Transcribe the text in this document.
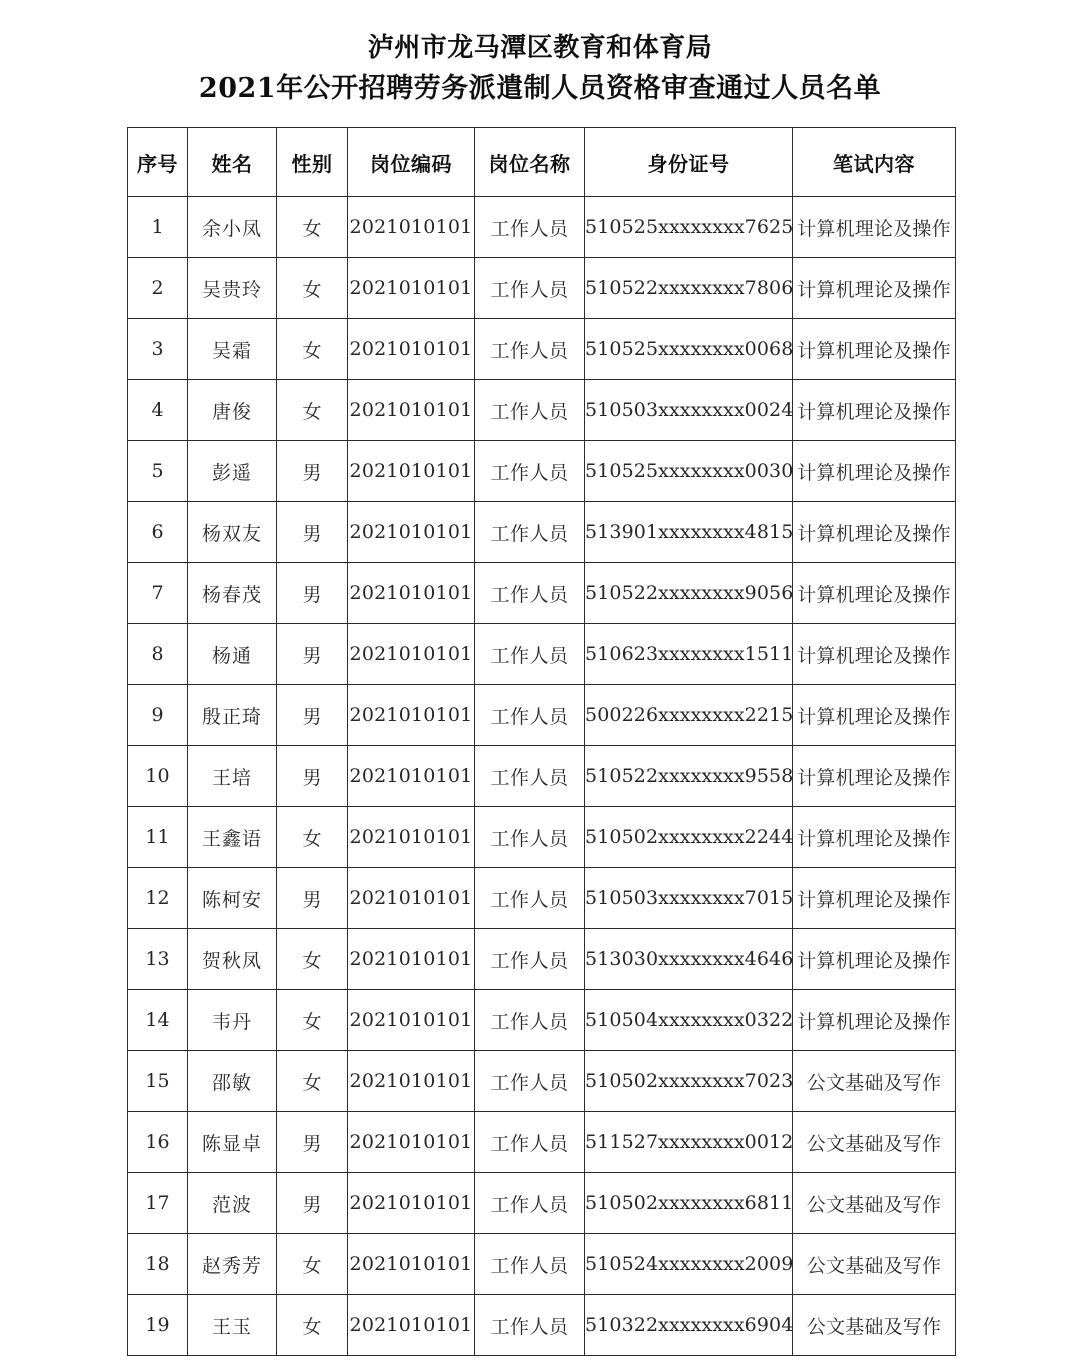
泸州市龙马潭区教育和体育局
2021年公开招聘劳务派遣制人员资格审查通过人员名单
序号	姓名	性别	岗位编码	岗位名称	身份证号	笔试内容
1	余小凤	女	2021010101	工作人员	510525xxxxxxxx7625	计算机理论及操作
2	吴贵玲	女	2021010101	工作人员	510522xxxxxxxx7806	计算机理论及操作
3	吴霜	女	2021010101	工作人员	510525xxxxxxxx0068	计算机理论及操作
4	唐俊	女	2021010101	工作人员	510503xxxxxxxx0024	计算机理论及操作
5	彭遥	男	2021010101	工作人员	510525xxxxxxxx0030	计算机理论及操作
6	杨双友	男	2021010101	工作人员	513901xxxxxxxx4815	计算机理论及操作
7	杨春茂	男	2021010101	工作人员	510522xxxxxxxx9056	计算机理论及操作
8	杨通	男	2021010101	工作人员	510623xxxxxxxx1511	计算机理论及操作
9	殷正琦	男	2021010101	工作人员	500226xxxxxxxx2215	计算机理论及操作
10	王培	男	2021010101	工作人员	510522xxxxxxxx9558	计算机理论及操作
11	王鑫语	女	2021010101	工作人员	510502xxxxxxxx2244	计算机理论及操作
12	陈柯安	男	2021010101	工作人员	510503xxxxxxxx7015	计算机理论及操作
13	贺秋凤	女	2021010101	工作人员	513030xxxxxxxx4646	计算机理论及操作
14	韦丹	女	2021010101	工作人员	510504xxxxxxxx0322	计算机理论及操作
15	邵敏	女	2021010101	工作人员	510502xxxxxxxx7023	公文基础及写作
16	陈显卓	男	2021010101	工作人员	511527xxxxxxxx0012	公文基础及写作
17	范波	男	2021010101	工作人员	510502xxxxxxxx6811	公文基础及写作
18	赵秀芳	女	2021010101	工作人员	510524xxxxxxxx2009	公文基础及写作
19	王玉	女	2021010101	工作人员	510322xxxxxxxx6904	公文基础及写作
